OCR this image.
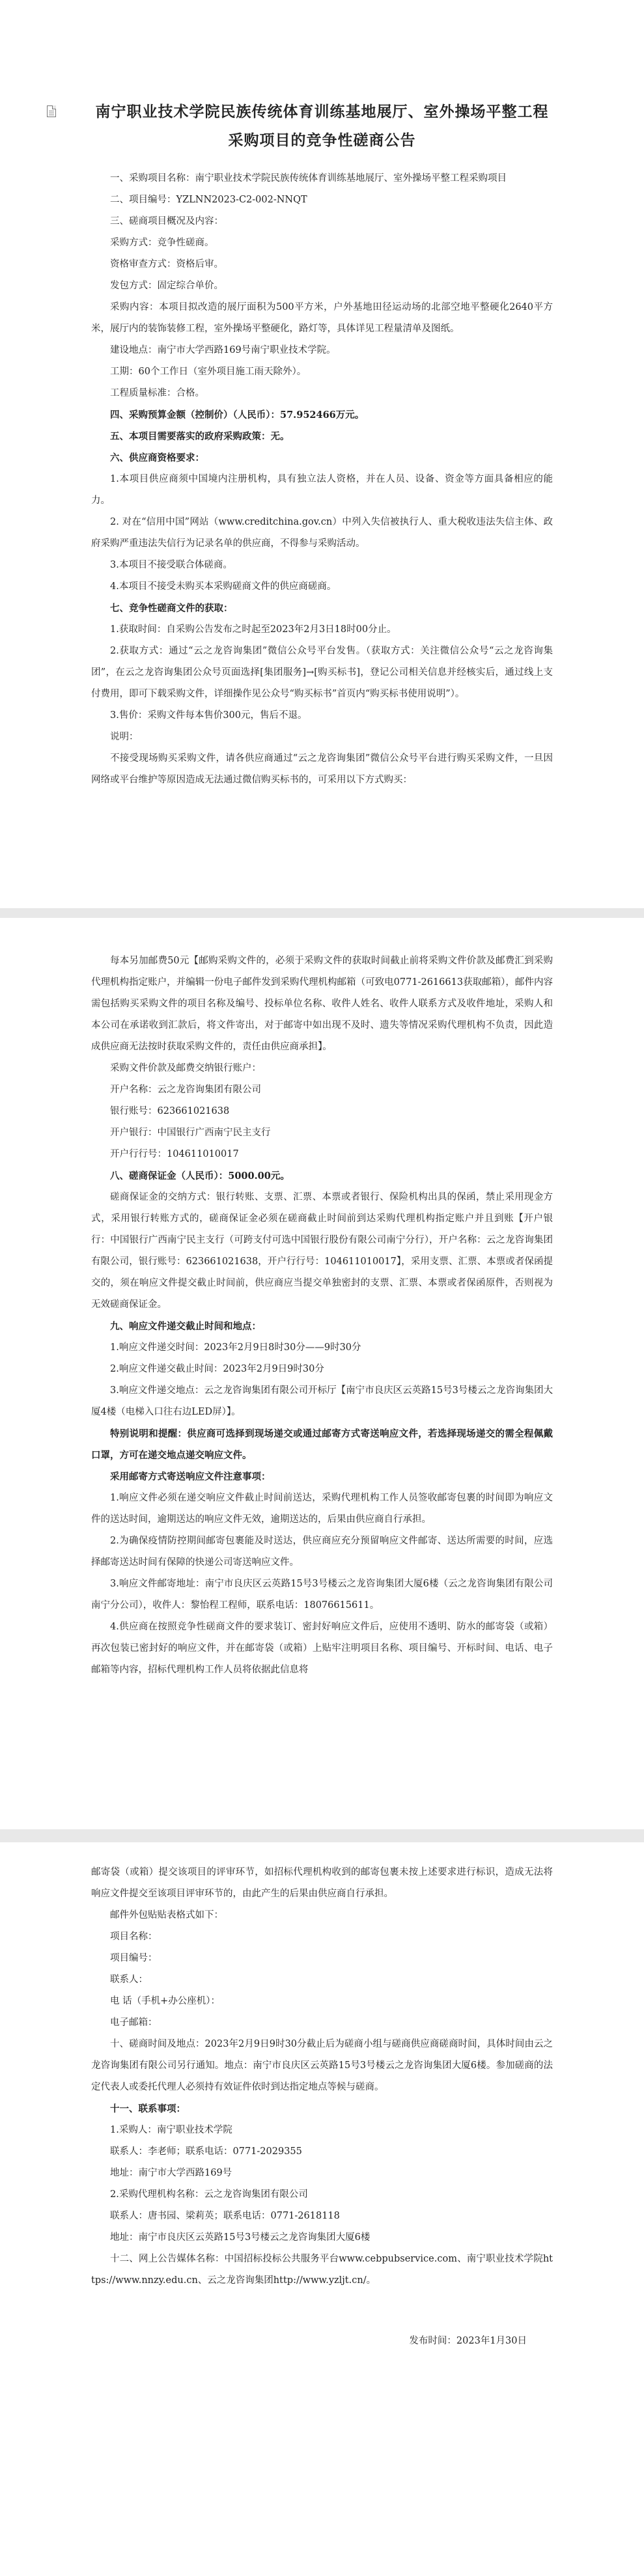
南宁职业技术学院民族传统体育训练基地展厅、室外操场平整工程采购项目的竞争性磋商公告

一、采购项目名称：南宁职业技术学院民族传统体育训练基地展厅、室外操场平整工程采购项目

二、项目编号：YZLNN2023-C2-002-NNQT

三、磋商项目概况及内容：

采购方式：竞争性磋商。

资格审查方式：资格后审。

发包方式：固定综合单价。

采购内容：本项目拟改造的展厅面积为500平方米，户外基地田径运动场的北部空地平整硬化2640平方米，展厅内的装饰装修工程，室外操场平整硬化，路灯等，具体详见工程量清单及图纸。

建设地点：南宁市大学西路169号南宁职业技术学院。

工期：60个工作日（室外项目施工雨天除外）。

工程质量标准：合格。

四、采购预算金额（控制价）（人民币）：57.952466万元。

五、本项目需要落实的政府采购政策：无。

六、供应商资格要求：

1.本项目供应商须中国境内注册机构，具有独立法人资格，并在人员、设备、资金等方面具备相应的能力。

2. 对在“信用中国”网站（www.creditchina.gov.cn）中列入失信被执行人、重大税收违法失信主体、政府采购严重违法失信行为记录名单的供应商，不得参与采购活动。

3.本项目不接受联合体磋商。

4.本项目不接受未购买本采购磋商文件的供应商磋商。

七、竞争性磋商文件的获取：

1.获取时间：自采购公告发布之时起至2023年2月3日18时00分止。

2.获取方式：通过“云之龙咨询集团”微信公众号平台发售。（获取方式：关注微信公众号“云之龙咨询集团”，在云之龙咨询集团公众号页面选择[集团服务]→[购买标书]，登记公司相关信息并经核实后，通过线上支付费用，即可下载采购文件，详细操作见公众号“购买标书”首页内“购买标书使用说明”）。

3.售价：采购文件每本售价300元，售后不退。

说明：

不接受现场购买采购文件，请各供应商通过“云之龙咨询集团”微信公众号平台进行购买采购文件，一旦因网络或平台维护等原因造成无法通过微信购买标书的，可采用以下方式购买：

每本另加邮费50元【邮购采购文件的，必须于采购文件的获取时间截止前将采购文件价款及邮费汇到采购代理机构指定账户，并编辑一份电子邮件发到采购代理机构邮箱（可致电0771-2616613获取邮箱），邮件内容需包括购买采购文件的项目名称及编号、投标单位名称、收件人姓名、收件人联系方式及收件地址，采购人和本公司在承诺收到汇款后，将文件寄出，对于邮寄中如出现不及时、遗失等情况采购代理机构不负责，因此造成供应商无法按时获取采购文件的，责任由供应商承担】。

采购文件价款及邮费交纳银行账户：

开户名称：云之龙咨询集团有限公司

银行账号：623661021638

开户银行：中国银行广西南宁民主支行

开户行行号：104611010017

八、磋商保证金（人民币）：5000.00元。

磋商保证金的交纳方式：银行转账、支票、汇票、本票或者银行、保险机构出具的保函，禁止采用现金方式，采用银行转账方式的，磋商保证金必须在磋商截止时间前到达采购代理机构指定账户并且到账【开户银行：中国银行广西南宁民主支行（可跨支付可选中国银行股份有限公司南宁分行），开户名称：云之龙咨询集团有限公司，银行账号：623661021638，开户行行号：104611010017】，采用支票、汇票、本票或者保函提交的，须在响应文件提交截止时间前，供应商应当提交单独密封的支票、汇票、本票或者保函原件，否则视为无效磋商保证金。

九、响应文件递交截止时间和地点：

1.响应文件递交时间：2023年2月9日8时30分——9时30分

2.响应文件递交截止时间：2023年2月9日9时30分

3.响应文件递交地点：云之龙咨询集团有限公司开标厅【南宁市良庆区云英路15号3号楼云之龙咨询集团大厦4楼（电梯入口往右边LED屏）】。

特别说明和提醒：供应商可选择到现场递交或通过邮寄方式寄送响应文件，若选择现场递交的需全程佩戴口罩，方可在递交地点递交响应文件。

采用邮寄方式寄送响应文件注意事项：

1.响应文件必须在递交响应文件截止时间前送达，采购代理机构工作人员签收邮寄包裹的时间即为响应文件的送达时间，逾期送达的响应文件无效，逾期送达的，后果由供应商自行承担。

2.为确保疫情防控期间邮寄包裹能及时送达，供应商应充分预留响应文件邮寄、送达所需要的时间，应选择邮寄送达时间有保障的快递公司寄送响应文件。

3.响应文件邮寄地址：南宁市良庆区云英路15号3号楼云之龙咨询集团大厦6楼（云之龙咨询集团有限公司南宁分公司），收件人：黎怡程工程师，联系电话：18076615611。

4.供应商在按照竞争性磋商文件的要求装订、密封好响应文件后，应使用不透明、防水的邮寄袋（或箱）再次包装已密封好的响应文件，并在邮寄袋（或箱）上贴牢注明项目名称、项目编号、开标时间、电话、电子邮箱等内容，招标代理机构工作人员将依据此信息将

邮寄袋（或箱）提交该项目的评审环节，如招标代理机构收到的邮寄包裹未按上述要求进行标识，造成无法将响应文件提交至该项目评审环节的，由此产生的后果由供应商自行承担。

邮件外包贴贴表格式如下：

项目名称：

项目编号：

联系人：

电 话（手机+办公座机）：

电子邮箱：

十、磋商时间及地点：2023年2月9日9时30分截止后为磋商小组与磋商供应商磋商时间，具体时间由云之龙咨询集团有限公司另行通知。地点：南宁市良庆区云英路15号3号楼云之龙咨询集团大厦6楼。参加磋商的法定代表人或委托代理人必须持有效证件依时到达指定地点等候与磋商。

十一、联系事项：

1.采购人：南宁职业技术学院

联系人：李老师；联系电话：0771-2029355

地址：南宁市大学西路169号

2.采购代理机构名称：云之龙咨询集团有限公司

联系人：唐书园、梁莉英；联系电话：0771-2618118

地址：南宁市良庆区云英路15号3号楼云之龙咨询集团大厦6楼

十二、网上公告媒体名称：中国招标投标公共服务平台www.cebpubservice.com、南宁职业技术学院https://www.nnzy.edu.cn、云之龙咨询集团http://www.yzljt.cn/。

发布时间：2023年1月30日
